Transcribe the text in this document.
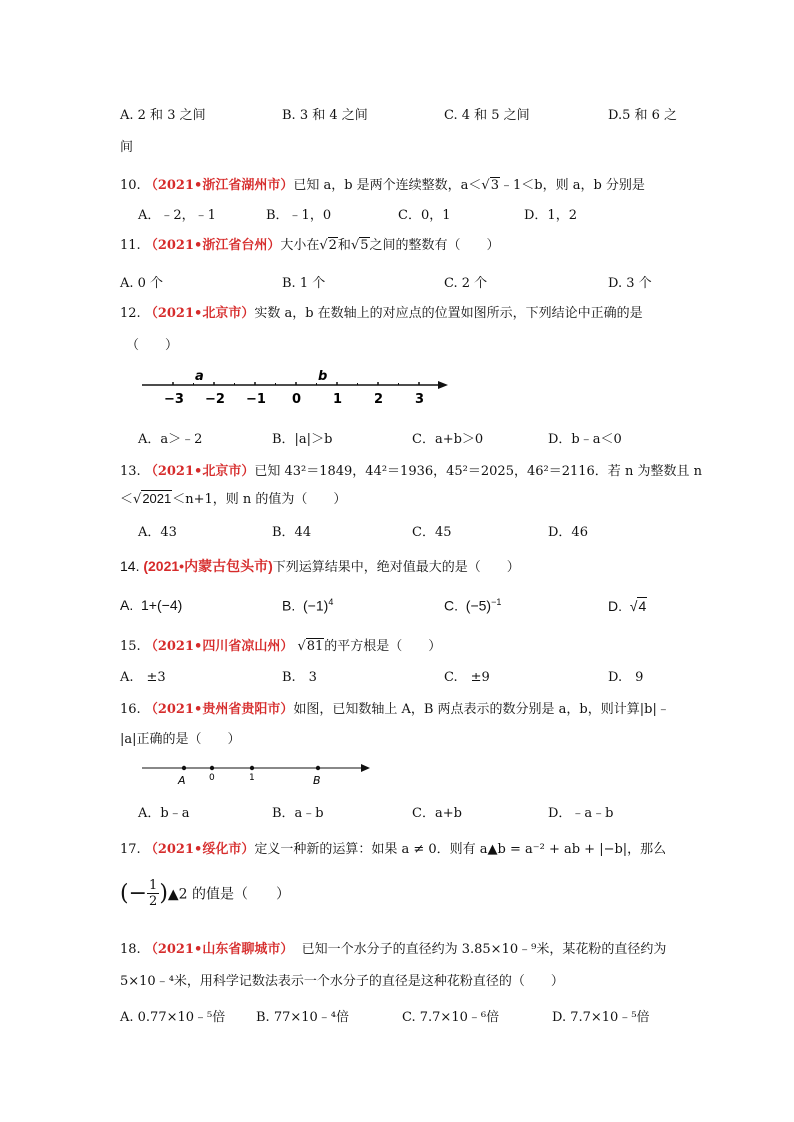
A. 2 和 3 之间	B. 3 和 4 之间	C. 4 和 5 之间	D.5 和 6 之
间
10. （2021•浙江省湖州市）已知 a，b 是两个连续整数，a＜√3﹣1＜b，则 a，b 分别是
A．﹣2，﹣1	B．﹣1，0	C．0，1	D．1，2
11. （2021•浙江省台州）大小在√2和√5之间的整数有（　　）
A. 0 个	B. 1 个	C. 2 个	D. 3 个
12. （2021•北京市）实数 a，b 在数轴上的对应点的位置如图所示，下列结论中正确的是
（　　）
−3 −2 −1 0 1 2 3
a	b
A．a＞﹣2	B．|a|＞b	C．a+b＞0	D．b﹣a＜0
13. （2021•北京市）已知 43²＝1849，44²＝1936，45²＝2025，46²＝2116．若 n 为整数且 n
＜√2021＜n+1，则 n 的值为（　　）
A．43	B．44	C．45	D．46
14. (2021•内蒙古包头市)下列运算结果中，绝对值最大的是（　　）
A. 1+(−4)	B. $(-1)^4$	C. $(-5)^{-1}$	D.  √4
15. （2021•四川省凉山州） √81的平方根是（　　）
A.　±3	B.　3	C.　±9	D.　9
16. （2021•贵州省贵阳市）如图，已知数轴上 A，B 两点表示的数分别是 a，b，则计算|b|﹣
|a|正确的是（　　）
A	0	1	B
A．b﹣a	B．a﹣b	C．a+b	D．﹣a﹣b
17. （2021•绥化市）定义一种新的运算：如果 a ≠ 0．则有 a▲b = a⁻² + ab + |−b|，那么
(− $\frac{1}{2}$ )▲2 的值是（　　）
18. （2021•山东省聊城市） 已知一个水分子的直径约为 3.85×10﹣⁹米，某花粉的直径约为
5×10﹣⁴米，用科学记数法表示一个水分子的直径是这种花粉直径的（　　）
A. 0.77×10﹣⁵倍 B. 77×10﹣⁴倍	C. 7.7×10﹣⁶倍	D. 7.7×10﹣⁵倍
